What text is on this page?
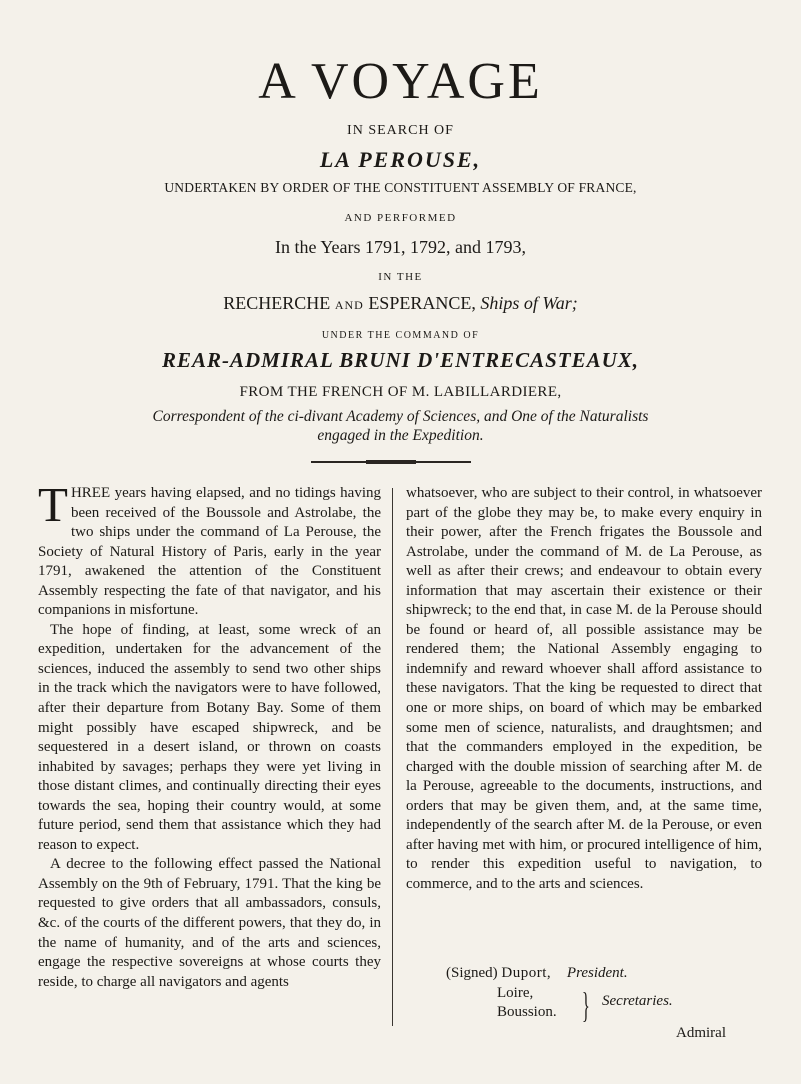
A VOYAGE
IN SEARCH OF
LA PEROUSE,
UNDERTAKEN BY ORDER OF THE CONSTITUENT ASSEMBLY OF FRANCE,
AND PERFORMED
In the Years 1791, 1792, and 1793,
IN THE
RECHERCHE AND ESPERANCE, Ships of War;
UNDER THE COMMAND OF
REAR-ADMIRAL BRUNI D'ENTRECASTEAUX,
FROM THE FRENCH OF M. LABILLARDIERE,
Correspondent of the ci-divant Academy of Sciences, and One of the Naturalists
engaged in the Expedition.

THREE years having elapsed, and no tidings having been received of the Boussole and Astrolabe, the two ships under the command of La Perouse, the Society of Natural History of Paris, early in the year 1791, awakened the attention of the Constituent Assembly respecting the fate of that navigator, and his companions in misfortune.

The hope of finding, at least, some wreck of an expedition, undertaken for the advancement of the sciences, induced the assembly to send two other ships in the track which the navigators were to have followed, after their departure from Botany Bay. Some of them might possibly have escaped shipwreck, and be sequestered in a desert island, or thrown on coasts inhabited by savages; perhaps they were yet living in those distant climes, and continually directing their eyes towards the sea, hoping their country would, at some future period, send them that assistance which they had reason to expect.

A decree to the following effect passed the National Assembly on the 9th of February, 1791. That the king be requested to give orders that all ambassadors, consuls, &c. of the courts of the different powers, that they do, in the name of humanity, and of the arts and sciences, engage the respective sovereigns at whose courts they reside, to charge all navigators and agents

whatsoever, who are subject to their control, in whatsoever part of the globe they may be, to make every enquiry in their power, after the French frigates the Boussole and Astrolabe, under the command of M. de La Perouse, as well as after their crews; and endeavour to obtain every information that may ascertain their existence or their shipwreck; to the end that, in case M. de la Perouse should be found or heard of, all possible assistance may be rendered them; the National Assembly engaging to indemnify and reward whoever shall afford assistance to these navigators. That the king be requested to direct that one or more ships, on board of which may be embarked some men of science, naturalists, and draughtsmen; and that the commanders employed in the expedition, be charged with the double mission of searching after M. de la Perouse, agreeable to the documents, instructions, and orders that may be given them, and, at the same time, independently of the search after M. de la Perouse, or even after having met with him, or procured intelligence of him, to render this expedition useful to navigation, to commerce, and to the arts and sciences.

(Signed) Duport, President.
Loire,
Boussion. } Secretaries.
Admiral
